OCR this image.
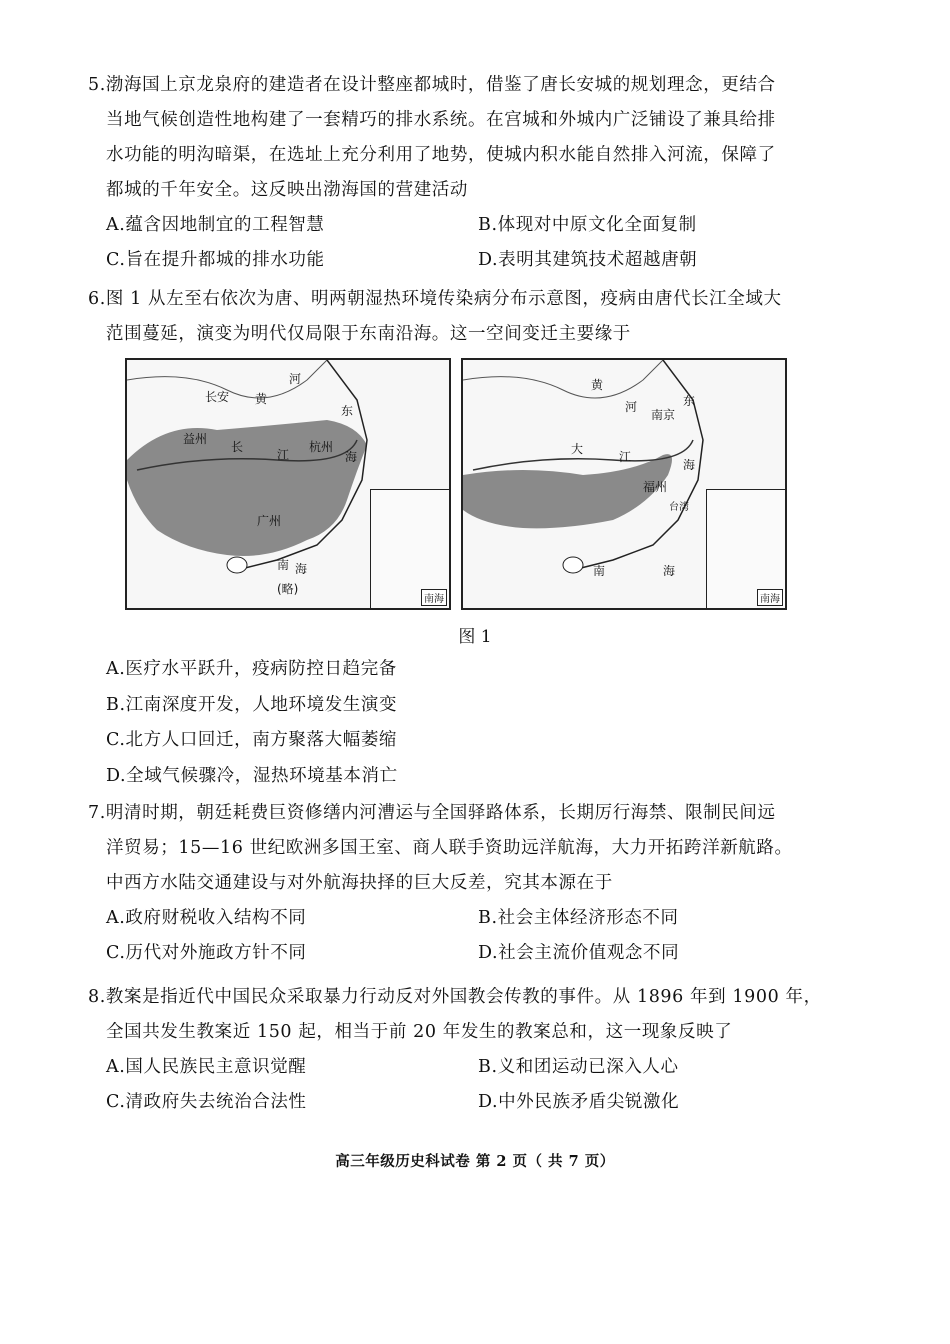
5.渤海国上京龙泉府的建造者在设计整座都城时，借鉴了唐长安城的规划理念，更结合

当地气候创造性地构建了一套精巧的排水系统。在宫城和外城内广泛铺设了兼具给排

水功能的明沟暗渠，在选址上充分利用了地势，使城内积水能自然排入河流，保障了

都城的千年安全。这反映出渤海国的营建活动

A.蕴含因地制宜的工程智慧	B.体现对中原文化全面复制
C.旨在提升都城的排水功能	D.表明其建筑技术超越唐朝

6.图 1 从左至右依次为唐、明两朝湿热环境传染病分布示意图，疫病由唐代长江全域大

范围蔓延，演变为明代仅局限于东南沿海。这一空间变迁主要缘于

长安 黄
河
东
益州
长
江
杭州
海
广州
南 海
(略)
南海
黄
河	东
南京
大
江
海
福州
南	海
台湾
南海
图 1
A.医疗水平跃升，疫病防控日趋完备
B.江南深度开发，人地环境发生演变
C.北方人口回迁，南方聚落大幅萎缩
D.全域气候骤冷，湿热环境基本消亡

7.明清时期，朝廷耗费巨资修缮内河漕运与全国驿路体系，长期厉行海禁、限制民间远

洋贸易；15—16 世纪欧洲多国王室、商人联手资助远洋航海，大力开拓跨洋新航路。

中西方水陆交通建设与对外航海抉择的巨大反差，究其本源在于

A.政府财税收入结构不同	B.社会主体经济形态不同
C.历代对外施政方针不同	D.社会主流价值观念不同

8.教案是指近代中国民众采取暴力行动反对外国教会传教的事件。从 1896 年到 1900 年，

全国共发生教案近 150 起，相当于前 20 年发生的教案总和，这一现象反映了

A.国人民族民主意识觉醒	B.义和团运动已深入人心
C.清政府失去统治合法性	D.中外民族矛盾尖锐激化
高三年级历史科试卷 第 2 页（ 共 7 页）
